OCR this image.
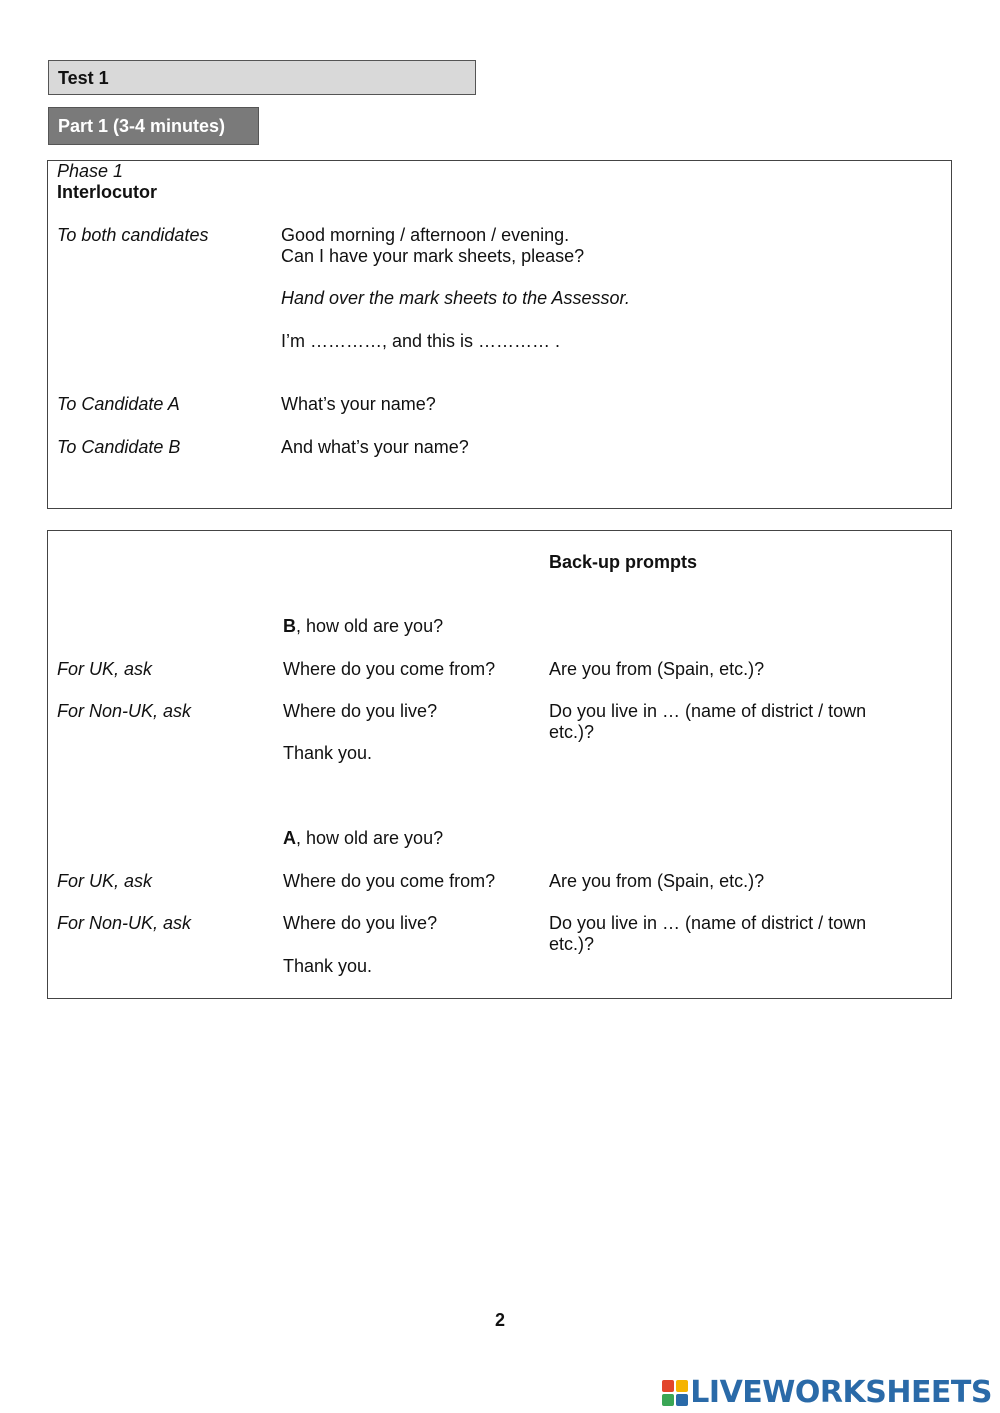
Test 1
Part 1 (3-4 minutes)
Phase 1
Interlocutor
To both candidates	Good morning / afternoon / evening.
Can I have your mark sheets, please?
Hand over the mark sheets to the Assessor.
I’m …………, and this is ………… .
To Candidate A	What’s your name?
To Candidate B	And what’s your name?
Back-up prompts
B, how old are you?
For UK, ask	Where do you come from?	Are you from (Spain, etc.)?
For Non-UK, ask	Where do you live?	Do you live in … (name of district / town
etc.)?
Thank you.
A, how old are you?
For UK, ask	Where do you come from?	Are you from (Spain, etc.)?
For Non-UK, ask	Where do you live?	Do you live in … (name of district / town
etc.)?
Thank you.
2
LIVEWORKSHEETS
